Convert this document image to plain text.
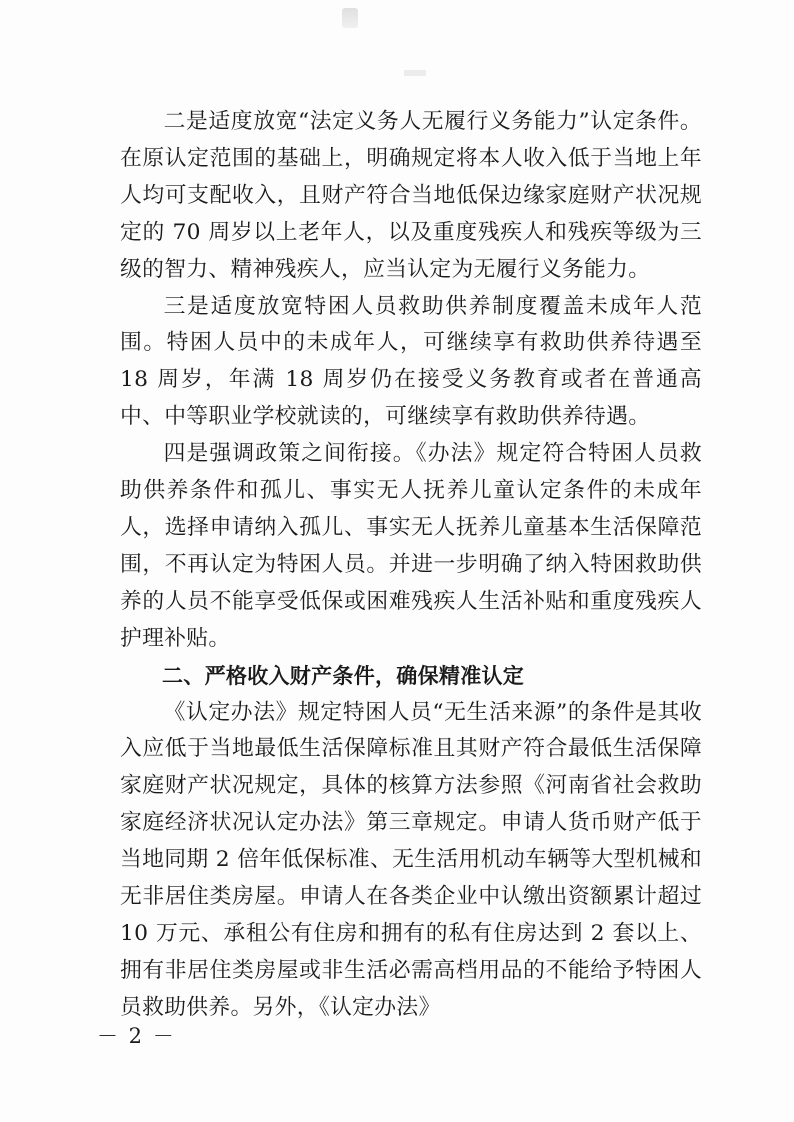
二是适度放宽“法定义务人无履行义务能力”认定条件。在原认定范围的基础上，明确规定将本人收入低于当地上年人均可支配收入，且财产符合当地低保边缘家庭财产状况规定的 70 周岁以上老年人，以及重度残疾人和残疾等级为三级的智力、精神残疾人，应当认定为无履行义务能力。

三是适度放宽特困人员救助供养制度覆盖未成年人范围。特困人员中的未成年人，可继续享有救助供养待遇至 18 周岁，年满 18 周岁仍在接受义务教育或者在普通高中、中等职业学校就读的，可继续享有救助供养待遇。

四是强调政策之间衔接。《办法》规定符合特困人员救助供养条件和孤儿、事实无人抚养儿童认定条件的未成年人，选择申请纳入孤儿、事实无人抚养儿童基本生活保障范围，不再认定为特困人员。并进一步明确了纳入特困救助供养的人员不能享受低保或困难残疾人生活补贴和重度残疾人护理补贴。

二、严格收入财产条件，确保精准认定

《认定办法》规定特困人员“无生活来源”的条件是其收入应低于当地最低生活保障标准且其财产符合最低生活保障家庭财产状况规定，具体的核算方法参照《河南省社会救助家庭经济状况认定办法》第三章规定。申请人货币财产低于当地同期 2 倍年低保标准、无生活用机动车辆等大型机械和无非居住类房屋。申请人在各类企业中认缴出资额累计超过 10 万元、承租公有住房和拥有的私有住房达到 2 套以上、拥有非居住类房屋或非生活必需高档用品的不能给予特困人员救助供养。另外，《认定办法》

－ 2 －
